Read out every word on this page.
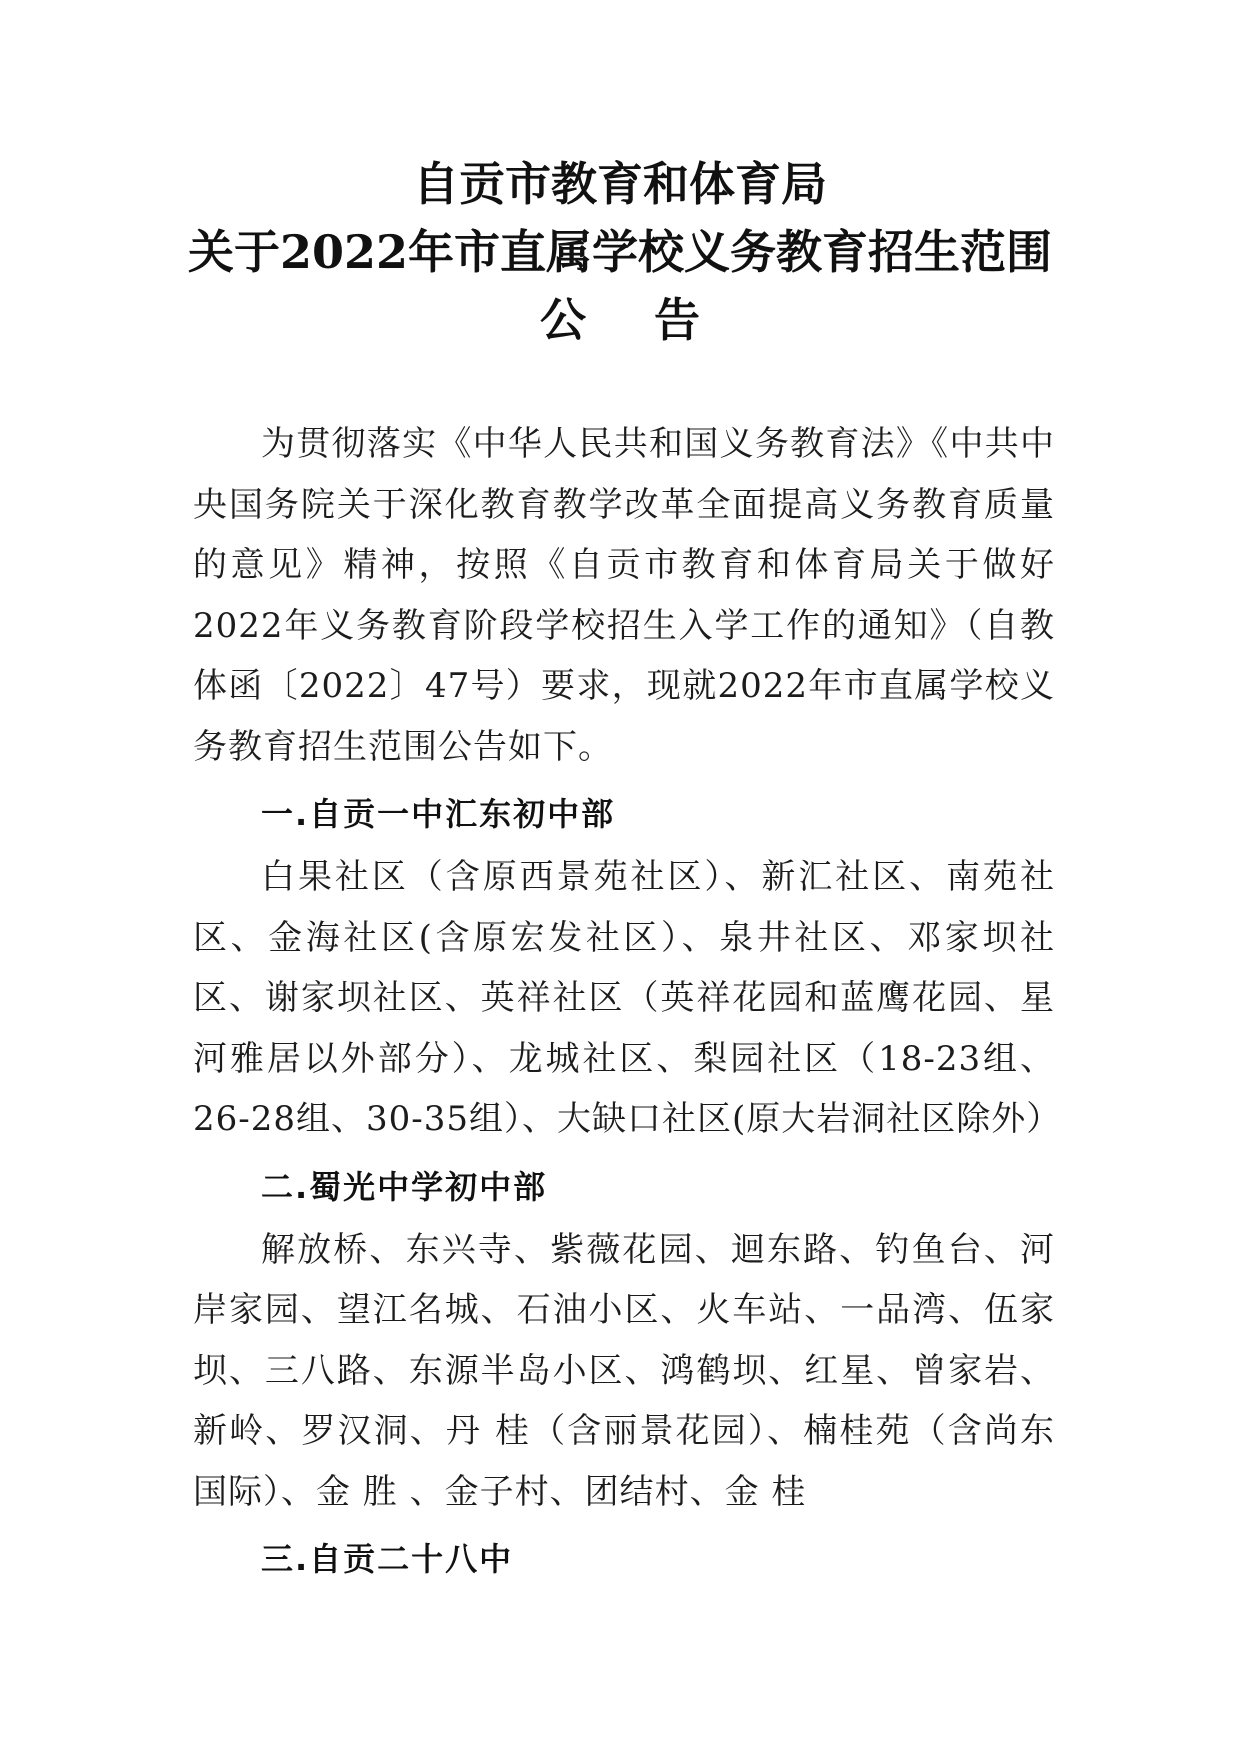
自贡市教育和体育局

关于2022年市直属学校义务教育招生范围

公 告

为贯彻落实《中华人民共和国义务教育法》《中共中央国务院关于深化教育教学改革全面提高义务教育质量的意见》精神，按照《自贡市教育和体育局关于做好2022年义务教育阶段学校招生入学工作的通知》（自教体函〔2022〕47号）要求，现就2022年市直属学校义务教育招生范围公告如下。

一.自贡一中汇东初中部

白果社区（含原西景苑社区）、新汇社区、南苑社区、金海社区(含原宏发社区）、泉井社区、邓家坝社区、谢家坝社区、英祥社区（英祥花园和蓝鹰花园、星河雅居以外部分）、龙城社区、梨园社区（18-23组、26-28组、30-35组）、大缺口社区(原大岩洞社区除外）

二.蜀光中学初中部

解放桥、东兴寺、紫薇花园、迴东路、钓鱼台、河岸家园、望江名城、石油小区、火车站、一品湾、伍家坝、三八路、东源半岛小区、鸿鹤坝、红星、曾家岩、新岭、罗汉洞、丹 桂（含丽景花园）、楠桂苑（含尚东国际）、金 胜 、金子村、团结村、金 桂

三.自贡二十八中
